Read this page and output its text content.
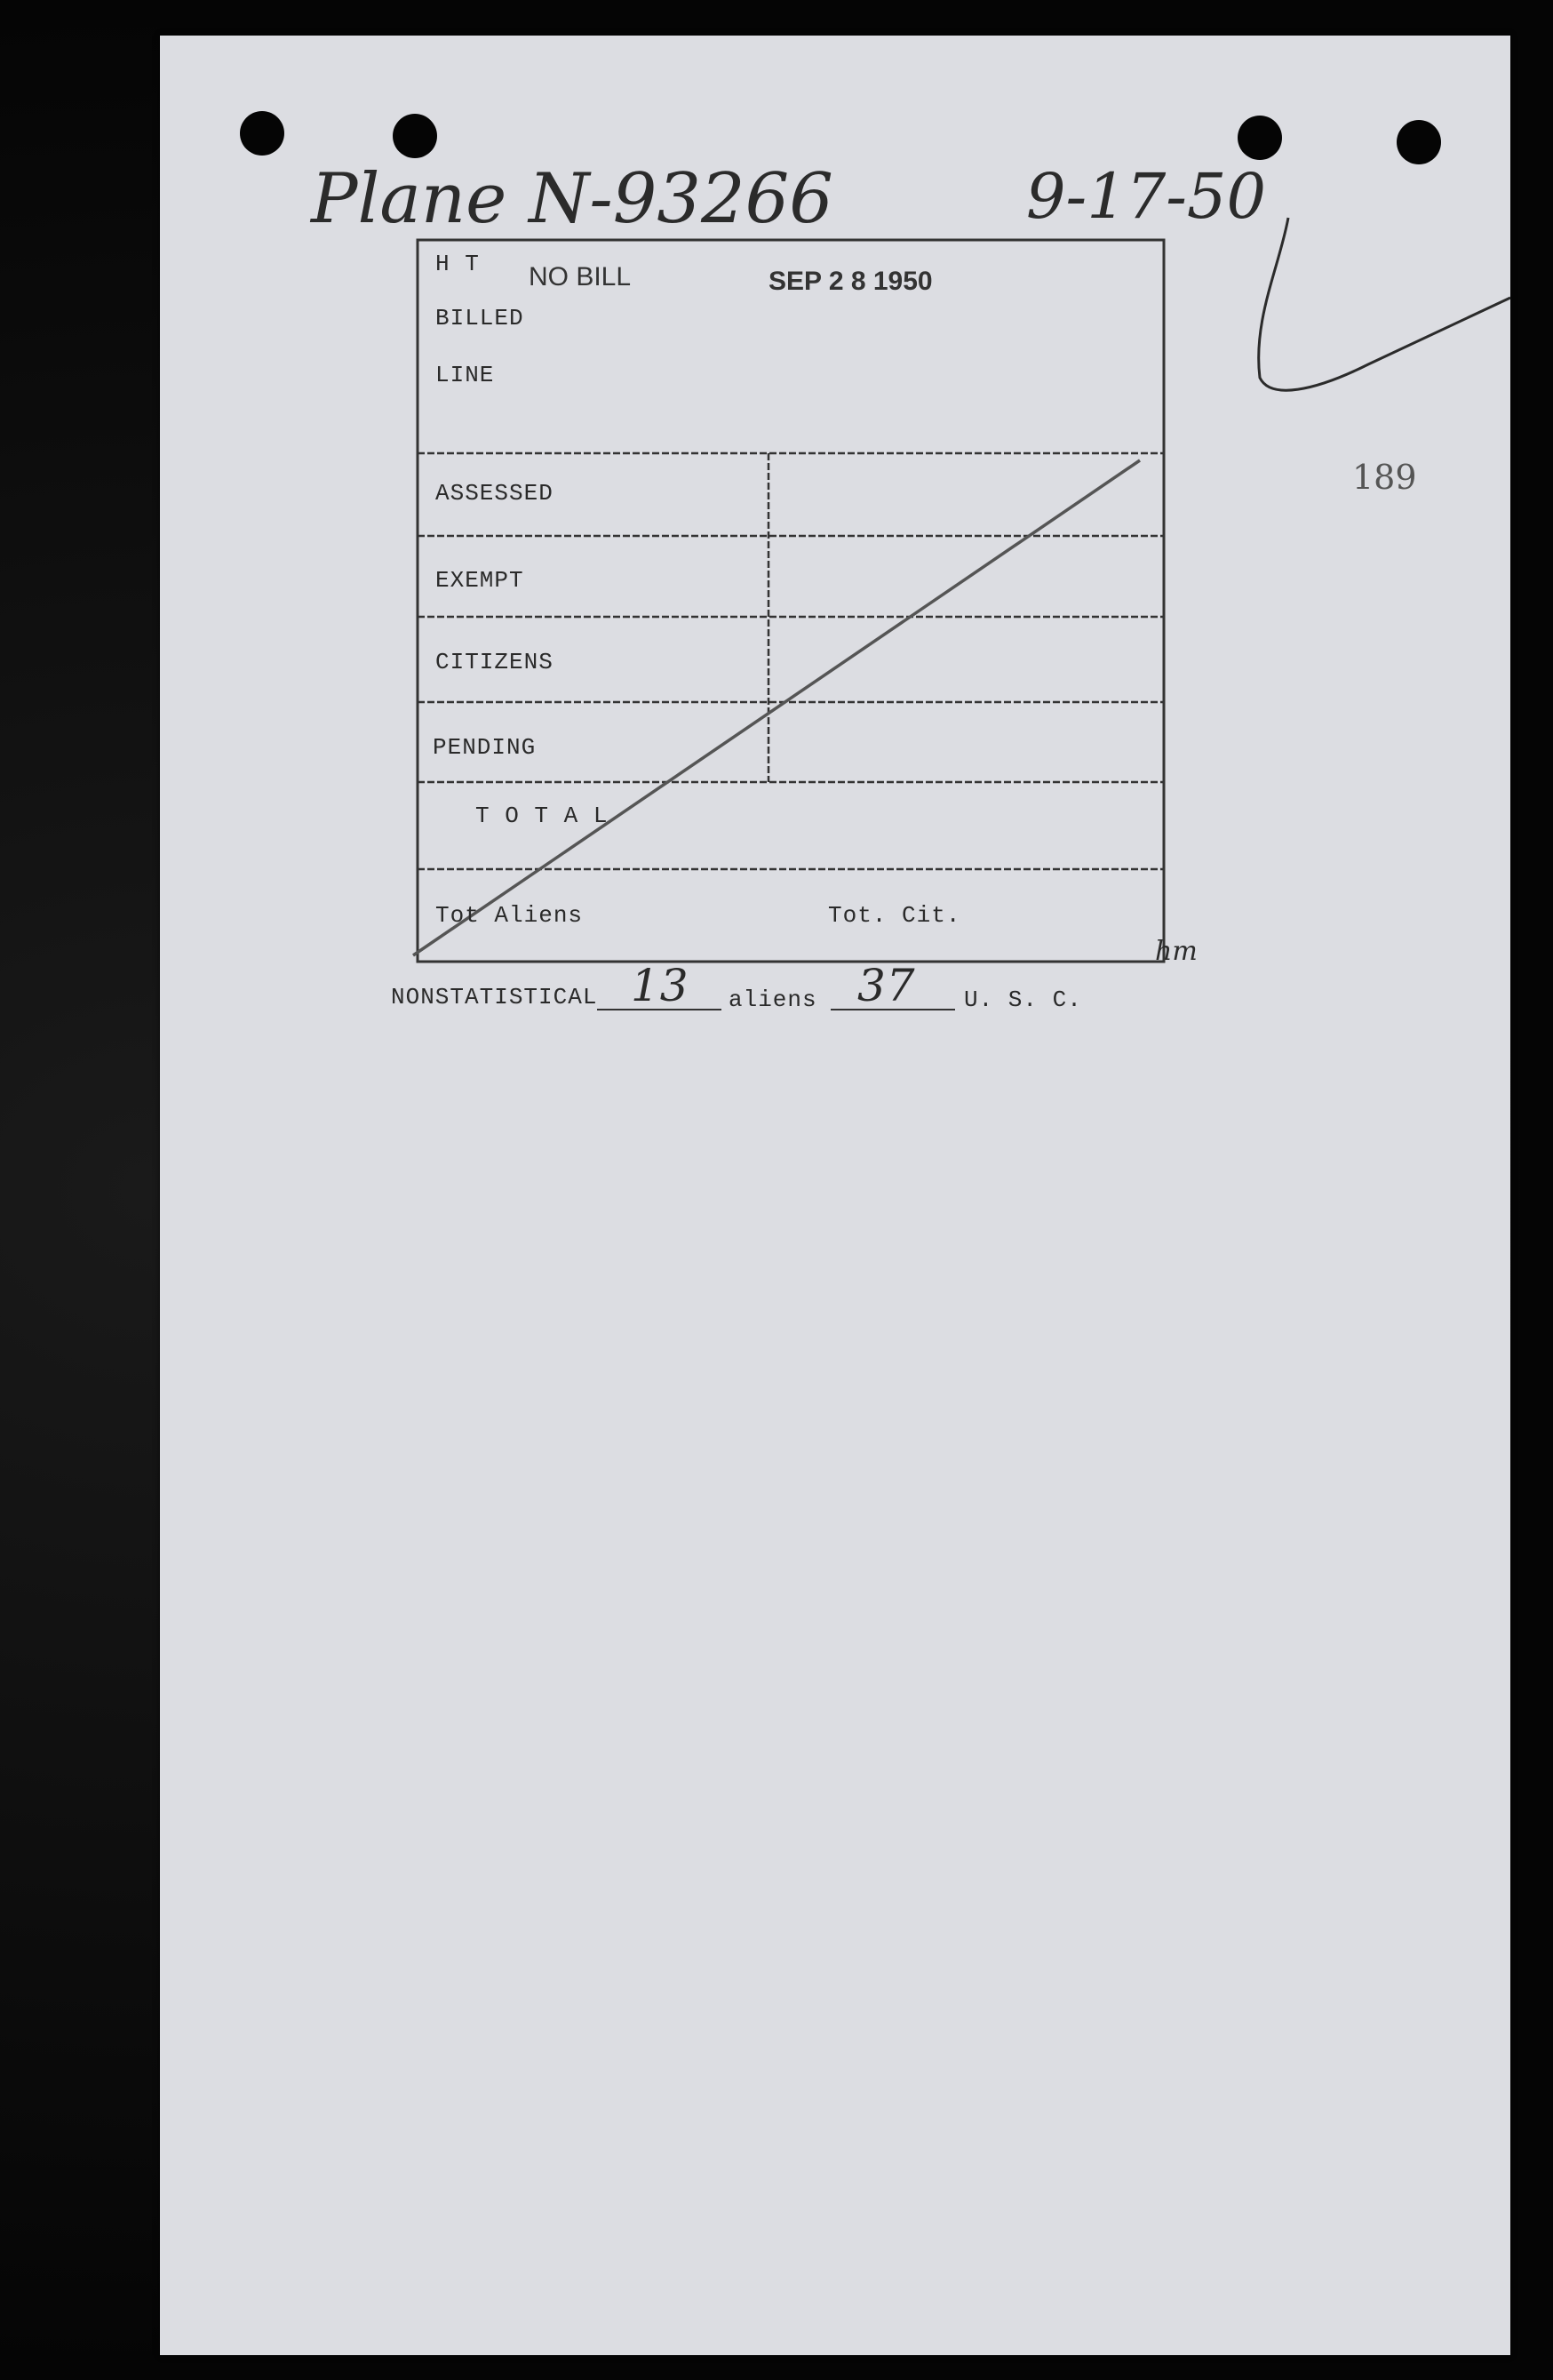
189
Plane N-93266	9-17-50
hm
H T NO BILL	SEP 2 8 1950
BILLED
LINE
ASSESSED
EXEMPT
CITIZENS
PENDING
T O T A L
Tot Aliens	Tot. Cit.
NONSTATISTICAL 13 aliens 37 U. S. C.
